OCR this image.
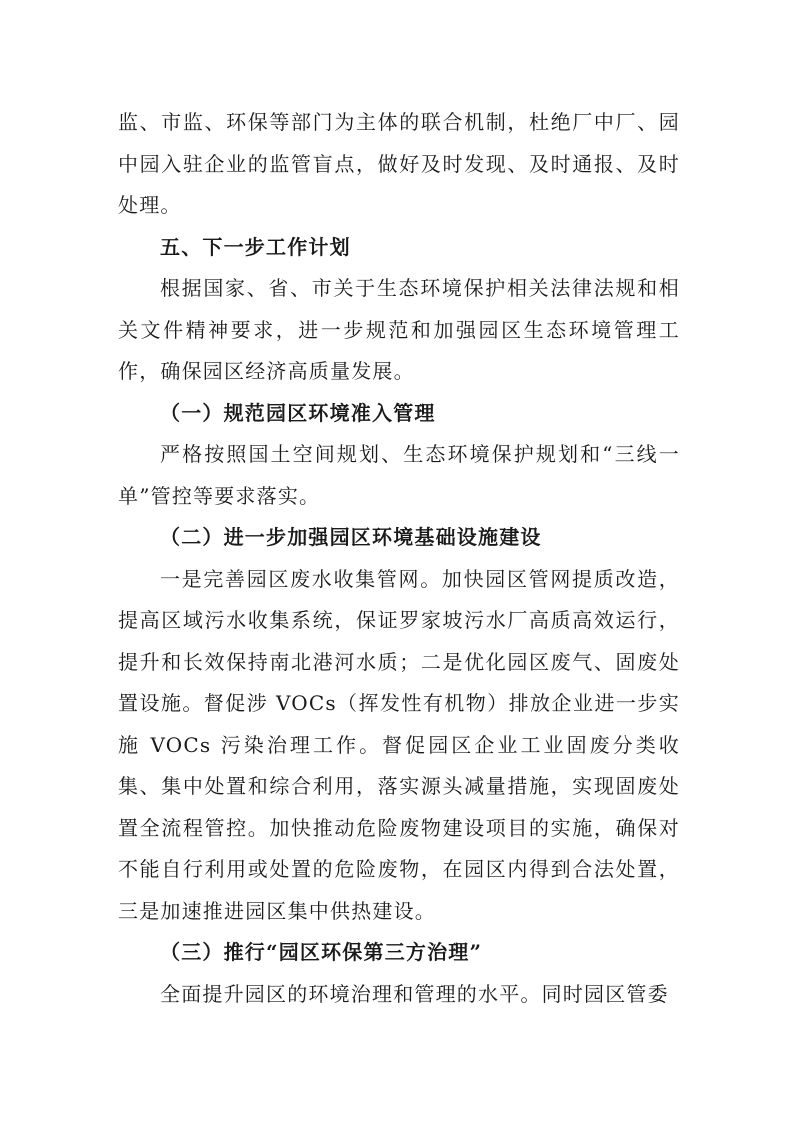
监、市监、环保等部门为主体的联合机制，杜绝厂中厂、园中园入驻企业的监管盲点，做好及时发现、及时通报、及时处理。

五、下一步工作计划

根据国家、省、市关于生态环境保护相关法律法规和相关文件精神要求，进一步规范和加强园区生态环境管理工作，确保园区经济高质量发展。

（一）规范园区环境准入管理

严格按照国土空间规划、生态环境保护规划和“三线一单”管控等要求落实。

（二）进一步加强园区环境基础设施建设

一是完善园区废水收集管网。加快园区管网提质改造，提高区域污水收集系统，保证罗家坡污水厂高质高效运行，提升和长效保持南北港河水质；二是优化园区废气、固废处置设施。督促涉 VOCs（挥发性有机物）排放企业进一步实施 VOCs 污染治理工作。督促园区企业工业固废分类收集、集中处置和综合利用，落实源头减量措施，实现固废处置全流程管控。加快推动危险废物建设项目的实施，确保对不能自行利用或处置的危险废物，在园区内得到合法处置，三是加速推进园区集中供热建设。

（三）推行“园区环保第三方治理”

全面提升园区的环境治理和管理的水平。同时园区管委
